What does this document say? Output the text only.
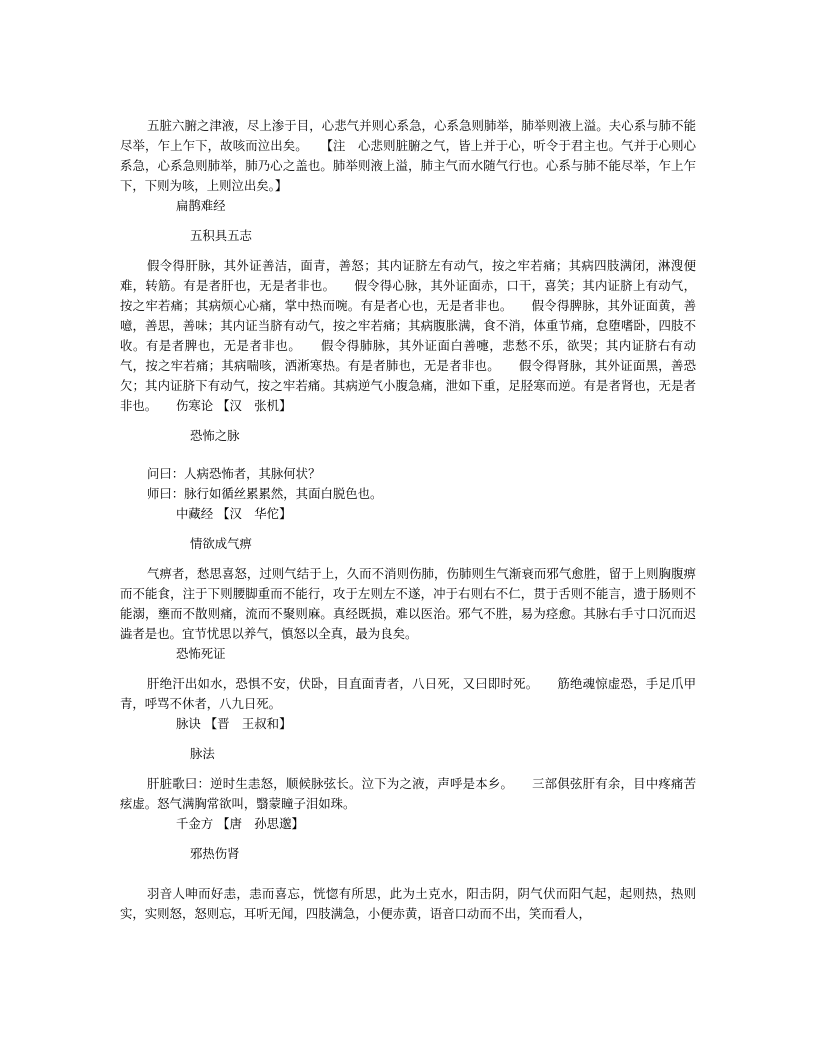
五脏六腑之津液，尽上渗于目，心悲气并则心系急，心系急则肺举，肺举则液上溢。夫心系与肺不能尽举，乍上乍下，故咳而泣出矣。　　【注　心悲则脏腑之气，皆上并于心，听令于君主也。气并于心则心系急，心系急则肺举，肺乃心之盖也。肺举则液上溢，肺主气而水随气行也。心系与肺不能尽举，乍上乍下，下则为咳，上则泣出矣。】

扁鹊难经
五积具五志

假令得肝脉，其外证善洁，面青，善怒；其内证脐左有动气，按之牢若痛；其病四肢满闭，淋溲便难，转筋。有是者肝也，无是者非也。　　假令得心脉，其外证面赤，口干，喜笑；其内证脐上有动气，按之牢若痛；其病烦心心痛，掌中热而啘。有是者心也，无是者非也。　　假令得脾脉，其外证面黄，善噫，善思，善味；其内证当脐有动气，按之牢若痛；其病腹胀满，食不消，体重节痛，怠堕嗜卧，四肢不收。有是者脾也，无是者非也。　　假令得肺脉，其外证面白善嚏，悲愁不乐，欲哭；其内证脐右有动气，按之牢若痛；其病喘咳，洒淅寒热。有是者肺也，无是者非也。　　假令得肾脉，其外证面黑，善恐欠；其内证脐下有动气，按之牢若痛。其病逆气小腹急痛，泄如下重，足胫寒而逆。有是者肾也，无是者非也。	伤寒论 【汉　张机】
恐怖之脉
问曰：人病恐怖者，其脉何状？
师曰：脉行如循丝累累然，其面白脱色也。
中藏经 【汉　华佗】
情欲成气痹

气痹者，愁思喜怒，过则气结于上，久而不消则伤肺，伤肺则生气渐衰而邪气愈胜，留于上则胸腹痹而不能食，注于下则腰脚重而不能行，攻于左则左不遂，冲于右则右不仁，贯于舌则不能言，遗于肠则不能溺，壅而不散则痛，流而不聚则麻。真经既损，难以医治。邪气不胜，易为痉愈。其脉右手寸口沉而迟澁者是也。宜节忧思以养气，慎怒以全真，最为良矣。

恐怖死证

肝绝汗出如水，恐惧不安，伏卧，目直面青者，八日死，又曰即时死。　　筋绝魂惊虚恐，手足爪甲青，呼骂不休者，八九日死。

脉诀 【晋　王叔和】
脉法

肝脏歌曰：逆时生恚怒，顺候脉弦长。泣下为之液，声呼是本乡。　　三部俱弦肝有余，目中疼痛苦痃虚。怒气满胸常欲叫，翳蒙瞳子泪如珠。

千金方 【唐　孙思邈】
邪热伤肾

羽音人呻而好恚，恚而喜忘，恍惚有所思，此为土克水，阳击阴，阴气伏而阳气起，起则热，热则实，实则怒，怒则忘，耳听无闻，四肢满急，小便赤黄，语音口动而不出，笑而看人，
